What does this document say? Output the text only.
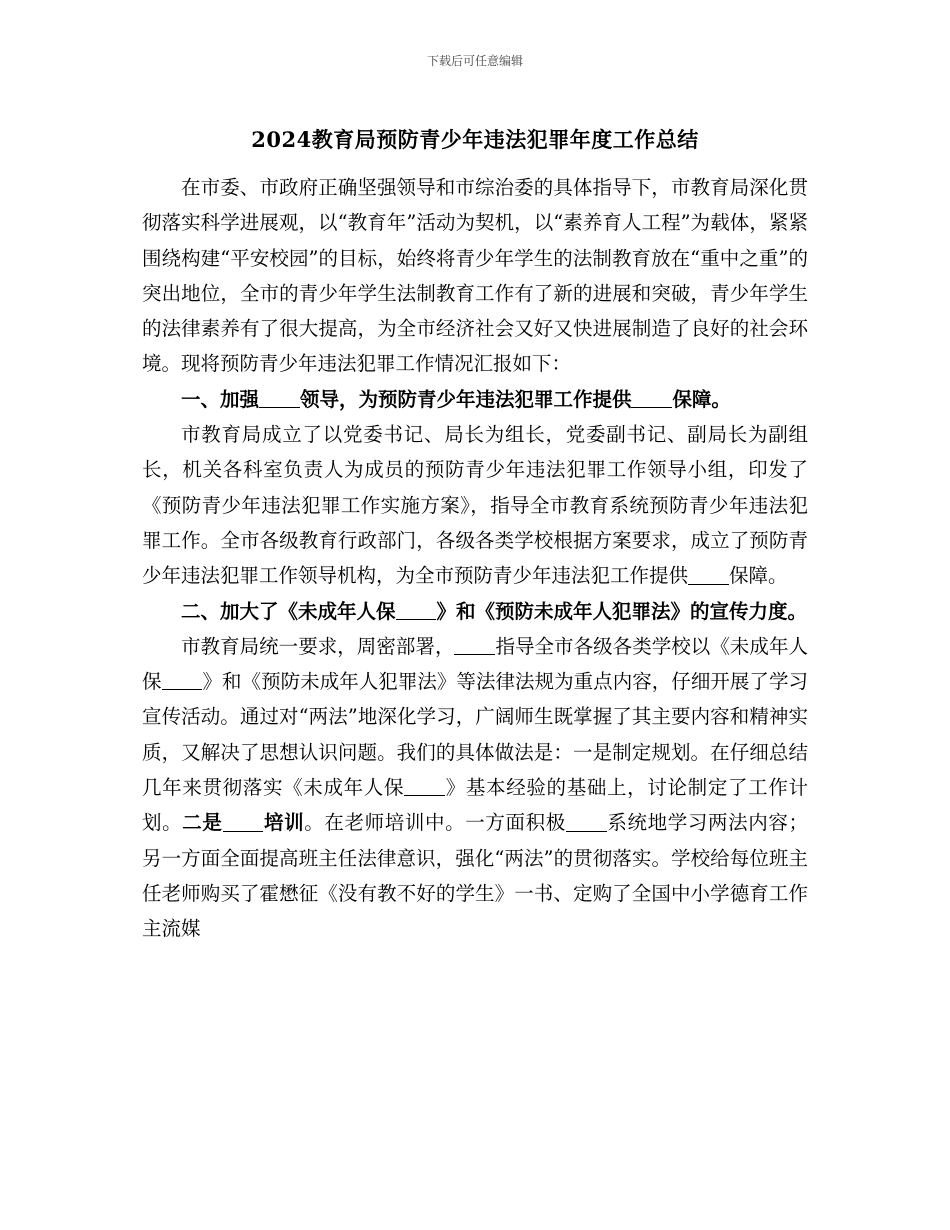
下载后可任意编辑
2024教育局预防青少年违法犯罪年度工作总结

在市委、市政府正确坚强领导和市综治委的具体指导下，市教育局深化贯彻落实科学进展观，以“教育年”活动为契机，以“素养育人工程”为载体，紧紧围绕构建“平安校园”的目标，始终将青少年学生的法制教育放在“重中之重”的突出地位，全市的青少年学生法制教育工作有了新的进展和突破，青少年学生的法律素养有了很大提高，为全市经济社会又好又快进展制造了良好的社会环境。现将预防青少年违法犯罪工作情况汇报如下：

一、加强 领导，为预防青少年违法犯罪工作提供 保障。

市教育局成立了以党委书记、局长为组长，党委副书记、副局长为副组长，机关各科室负责人为成员的预防青少年违法犯罪工作领导小组，印发了《预防青少年违法犯罪工作实施方案》，指导全市教育系统预防青少年违法犯罪工作。全市各级教育行政部门，各级各类学校根据方案要求，成立了预防青少年违法犯罪工作领导机构，为全市预防青少年违法犯工作提供 保障。

二、加大了《未成年人保 》和《预防未成年人犯罪法》的宣传力度。

市教育局统一要求，周密部署， 指导全市各级各类学校以《未成年人保 》和《预防未成年人犯罪法》等法律法规为重点内容，仔细开展了学习宣传活动。通过对“两法”地深化学习，广阔师生既掌握了其主要内容和精神实质，又解决了思想认识问题。我们的具体做法是：一是制定规划。在仔细总结几年来贯彻落实《未成年人保 》基本经验的基础上，讨论制定了工作计划。二是 培训。在老师培训中。一方面积极 系统地学习两法内容；另一方面全面提高班主任法律意识，强化“两法”的贯彻落实。学校给每位班主任老师购买了霍懋征《没有教不好的学生》一书、定购了全国中小学德育工作主流媒
